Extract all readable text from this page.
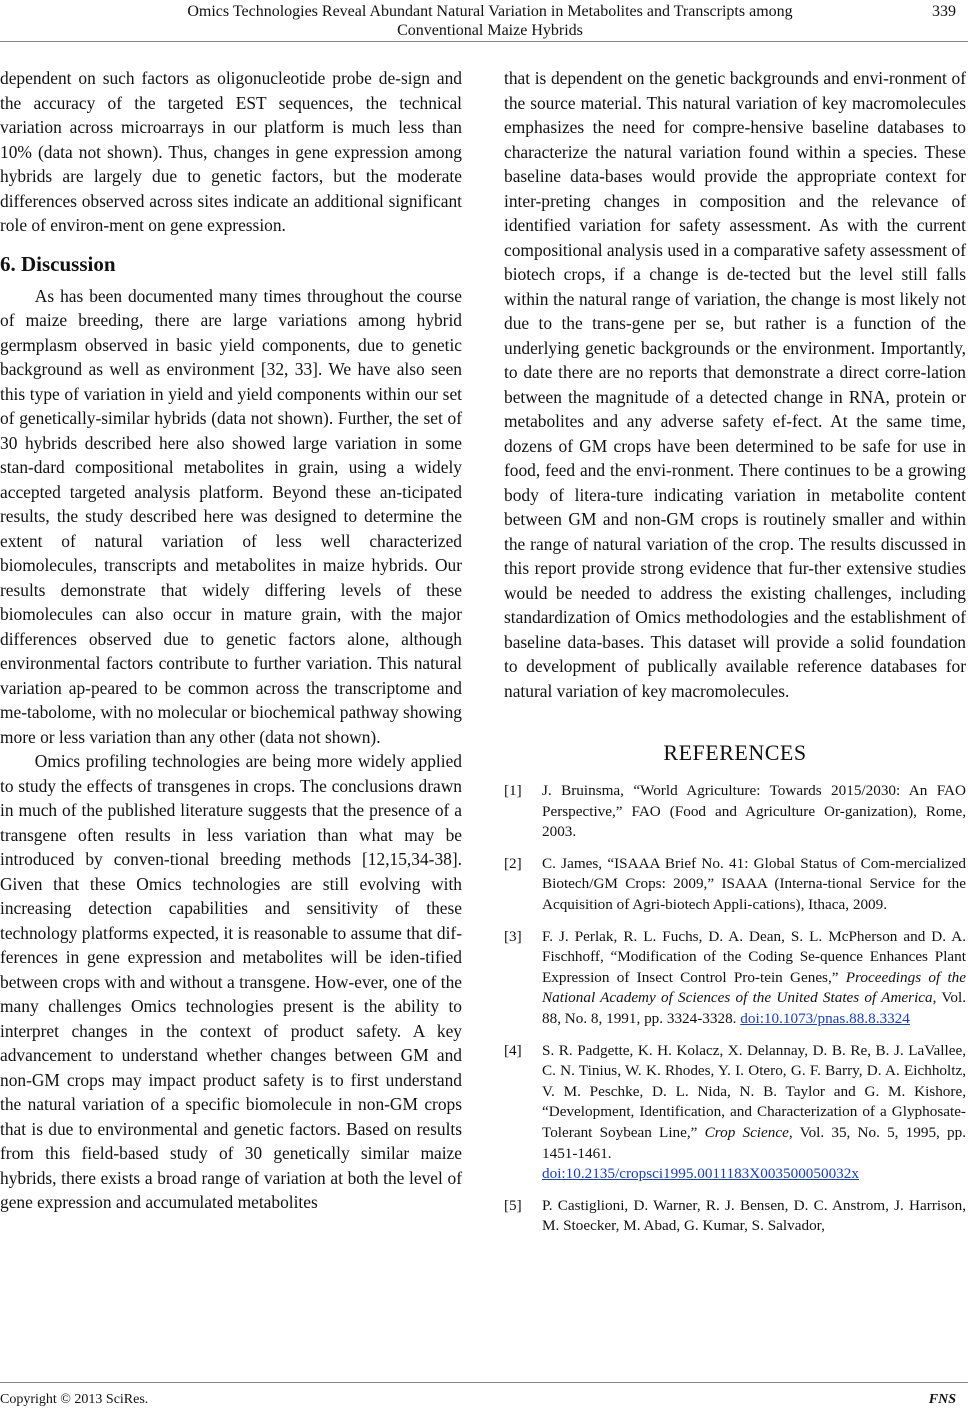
Omics Technologies Reveal Abundant Natural Variation in Metabolites and Transcripts among
Conventional Maize Hybrids
339

dependent on such factors as oligonucleotide probe de-sign and the accuracy of the targeted EST sequences, the technical variation across microarrays in our platform is much less than 10% (data not shown). Thus, changes in gene expression among hybrids are largely due to genetic factors, but the moderate differences observed across sites indicate an additional significant role of environ-ment on gene expression.

6. Discussion

As has been documented many times throughout the course of maize breeding, there are large variations among hybrid germplasm observed in basic yield components, due to genetic background as well as environment [32, 33]. We have also seen this type of variation in yield and yield components within our set of genetically-similar hybrids (data not shown). Further, the set of 30 hybrids described here also showed large variation in some stan-dard compositional metabolites in grain, using a widely accepted targeted analysis platform. Beyond these an-ticipated results, the study described here was designed to determine the extent of natural variation of less well characterized biomolecules, transcripts and metabolites in maize hybrids. Our results demonstrate that widely differing levels of these biomolecules can also occur in mature grain, with the major differences observed due to genetic factors alone, although environmental factors contribute to further variation. This natural variation ap-peared to be common across the transcriptome and me-tabolome, with no molecular or biochemical pathway showing more or less variation than any other (data not shown).

Omics profiling technologies are being more widely applied to study the effects of transgenes in crops. The conclusions drawn in much of the published literature suggests that the presence of a transgene often results in less variation than what may be introduced by conven-tional breeding methods [12,15,34-38]. Given that these Omics technologies are still evolving with increasing detection capabilities and sensitivity of these technology platforms expected, it is reasonable to assume that dif-ferences in gene expression and metabolites will be iden-tified between crops with and without a transgene. How-ever, one of the many challenges Omics technologies present is the ability to interpret changes in the context of product safety. A key advancement to understand whether changes between GM and non-GM crops may impact product safety is to first understand the natural variation of a specific biomolecule in non-GM crops that is due to environmental and genetic factors. Based on results from this field-based study of 30 genetically similar maize hybrids, there exists a broad range of variation at both the level of gene expression and accumulated metabolites

that is dependent on the genetic backgrounds and envi-ronment of the source material. This natural variation of key macromolecules emphasizes the need for compre-hensive baseline databases to characterize the natural variation found within a species. These baseline data-bases would provide the appropriate context for inter-preting changes in composition and the relevance of identified variation for safety assessment. As with the current compositional analysis used in a comparative safety assessment of biotech crops, if a change is de-tected but the level still falls within the natural range of variation, the change is most likely not due to the trans-gene per se, but rather is a function of the underlying genetic backgrounds or the environment. Importantly, to date there are no reports that demonstrate a direct corre-lation between the magnitude of a detected change in RNA, protein or metabolites and any adverse safety ef-fect. At the same time, dozens of GM crops have been determined to be safe for use in food, feed and the envi-ronment. There continues to be a growing body of litera-ture indicating variation in metabolite content between GM and non-GM crops is routinely smaller and within the range of natural variation of the crop. The results discussed in this report provide strong evidence that fur-ther extensive studies would be needed to address the existing challenges, including standardization of Omics methodologies and the establishment of baseline data-bases. This dataset will provide a solid foundation to development of publically available reference databases for natural variation of key macromolecules.

REFERENCES
[1] J. Bruinsma, “World Agriculture: Towards 2015/2030: An FAO Perspective,” FAO (Food and Agriculture Or-ganization), Rome, 2003.
[2] C. James, “ISAAA Brief No. 41: Global Status of Com-mercialized Biotech/GM Crops: 2009,” ISAAA (Interna-tional Service for the Acquisition of Agri-biotech Appli-cations), Ithaca, 2009.
[3] F. J. Perlak, R. L. Fuchs, D. A. Dean, S. L. McPherson and D. A. Fischhoff, “Modification of the Coding Se-quence Enhances Plant Expression of Insect Control Pro-tein Genes,” Proceedings of the National Academy of Sciences of the United States of America, Vol. 88, No. 8, 1991, pp. 3324-3328. doi:10.1073/pnas.88.8.3324
[4] S. R. Padgette, K. H. Kolacz, X. Delannay, D. B. Re, B. J. LaVallee, C. N. Tinius, W. K. Rhodes, Y. I. Otero, G. F. Barry, D. A. Eichholtz, V. M. Peschke, D. L. Nida, N. B. Taylor and G. M. Kishore, “Development, Identification, and Characterization of a Glyphosate-Tolerant Soybean Line,” Crop Science, Vol. 35, No. 5, 1995, pp. 1451-1461.
doi:10.2135/cropsci1995.0011183X003500050032x
[5] P. Castiglioni, D. Warner, R. J. Bensen, D. C. Anstrom, J. Harrison, M. Stoecker, M. Abad, G. Kumar, S. Salvador,
Copyright © 2013 SciRes.	FNS
